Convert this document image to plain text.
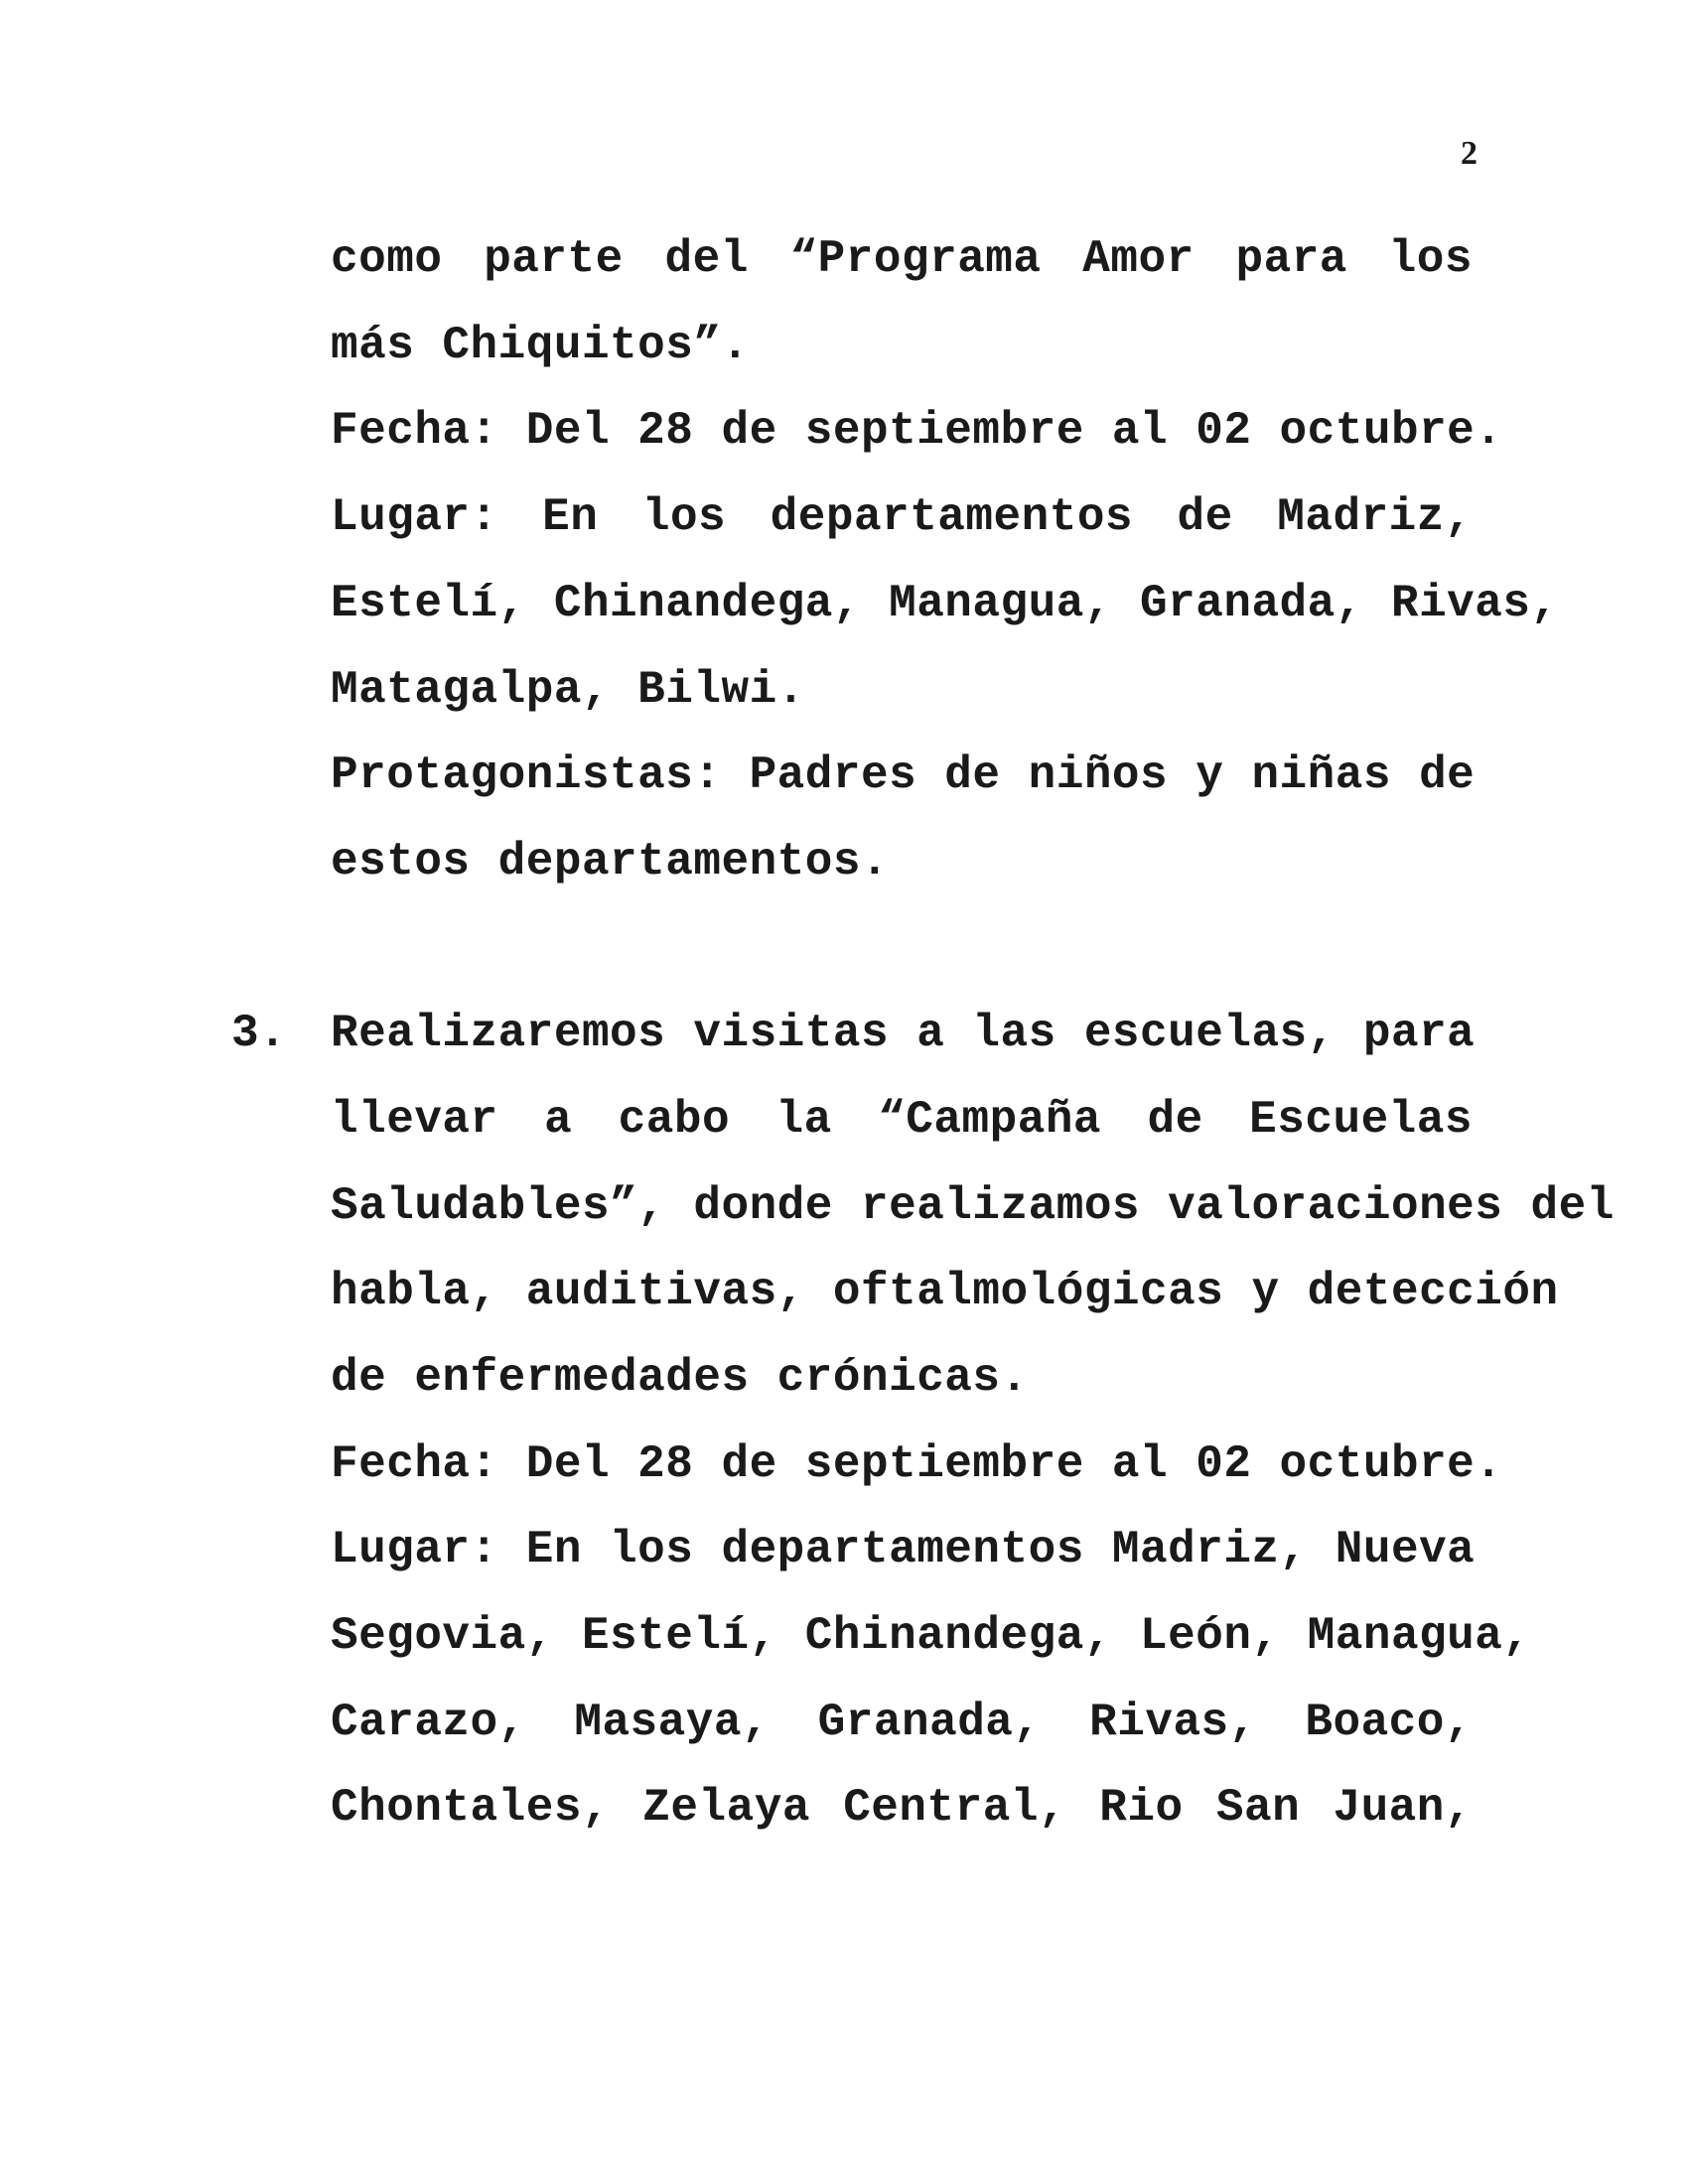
2
como parte del “Programa Amor para los
más Chiquitos”.
Fecha: Del 28 de septiembre al 02 octubre.
Lugar: En los departamentos de Madriz,
Estelí, Chinandega, Managua, Granada, Rivas,
Matagalpa, Bilwi.
Protagonistas: Padres de niños y niñas de
estos departamentos.
3. Realizaremos visitas a las escuelas, para
llevar a cabo la “Campaña de Escuelas
Saludables”, donde realizamos valoraciones del
habla, auditivas, oftalmológicas y detección
de enfermedades crónicas.
Fecha: Del 28 de septiembre al 02 octubre.
Lugar: En los departamentos Madriz, Nueva
Segovia, Estelí, Chinandega, León, Managua,
Carazo, Masaya, Granada, Rivas, Boaco,
Chontales, Zelaya Central, Rio San Juan,
